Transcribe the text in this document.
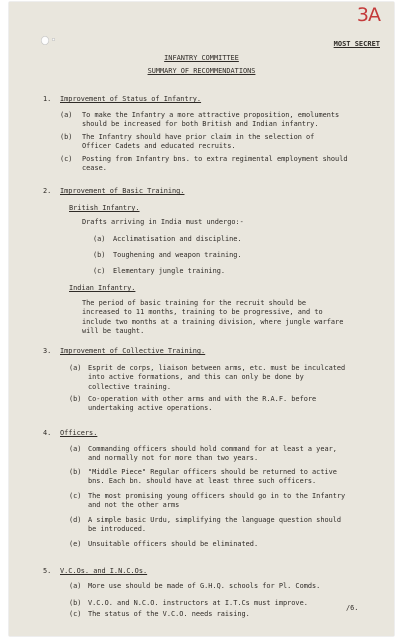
3A
MOST SECRET
INFANTRY COMMITTEE
SUMMARY OF RECOMMENDATIONS
1. Improvement of Status of Infantry.
(a) To make the Infantry a more attractive proposition, emoluments
should be increased for both British and Indian infantry.
(b) The Infantry should have prior claim in the selection of
Officer Cadets and educated recruits.
(c) Posting from Infantry bns. to extra regimental employment should
cease.
2. Improvement of Basic Training.
British Infantry.
Drafts arriving in India must undergo:-
(a) Acclimatisation and discipline.
(b) Toughening and weapon training.
(c) Elementary jungle training.
Indian Infantry.
The period of basic training for the recruit should be
increased to 11 months, training to be progressive, and to
include two months at a training division, where jungle warfare
will be taught.
3. Improvement of Collective Training.
(a) Esprit de corps, liaison between arms, etc. must be inculcated
into active formations, and this can only be done by
collective training.
(b) Co-operation with other arms and with the R.A.F. before
undertaking active operations.
4. Officers.
(a) Commanding officers should hold command for at least a year,
and normally not for more than two years.
(b) "Middle Piece" Regular officers should be returned to active
bns. Each bn. should have at least three such officers.
(c) The most promising young officers should go in to the Infantry
and not the other arms
(d) A simple basic Urdu, simplifying the language question should
be introduced.
(e) Unsuitable officers should be eliminated.
5. V.C.Os. and I.N.C.Os.
(a) More use should be made of G.H.Q. schools for Pl. Comds.
(b) V.C.O. and N.C.O. instructors at I.T.Cs must improve.
(c) The status of the V.C.O. needs raising.
/6.
